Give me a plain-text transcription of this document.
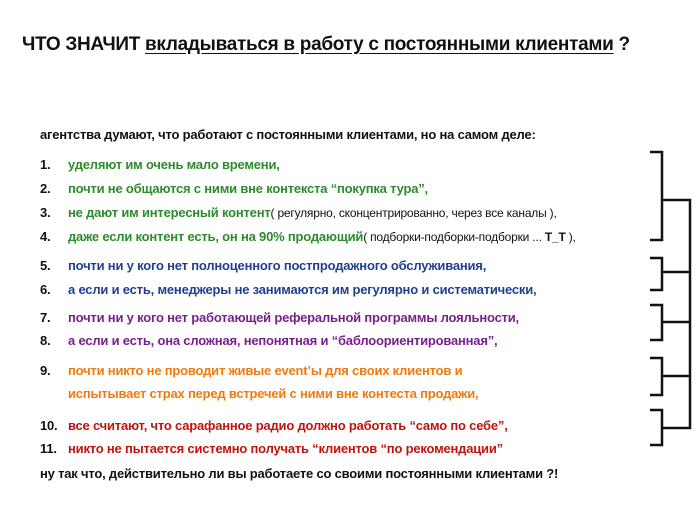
ЧТО ЗНАЧИТ вкладываться в работу с постоянными клиентами ?
агентства думают, что работают с постоянными клиентами, но на самом деле:
1.	уделяют им очень мало времени,
2.	почти не общаются с ними вне контекста “покупка тура”,
3.	не дают им интересный контент ( регулярно, сконцентрированно, через все каналы ),
4.	даже если контент есть, он на 90% продающий ( подборки-подборки-подборки ... T_T ),
5.	почти ни у кого нет полноценного постпродажного обслуживания,
6.	а если и есть, менеджеры не занимаются им регулярно и систематически,
7.	почти ни у кого нет работающей реферальной программы лояльности,
8.	а если и есть, она сложная, непонятная и “баблоориентированная”,
9.	почти никто не проводит живые event’ы для своих клиентов и
испытывает страх перед встречей с ними вне контеста продажи,
10. все считают, что сарафанное радио должно работать “само по себе”,
11. никто не пытается системно получать “клиентов “по рекомендации”
ну так что, действительно ли вы работаете со своими постоянными клиентами ?!
